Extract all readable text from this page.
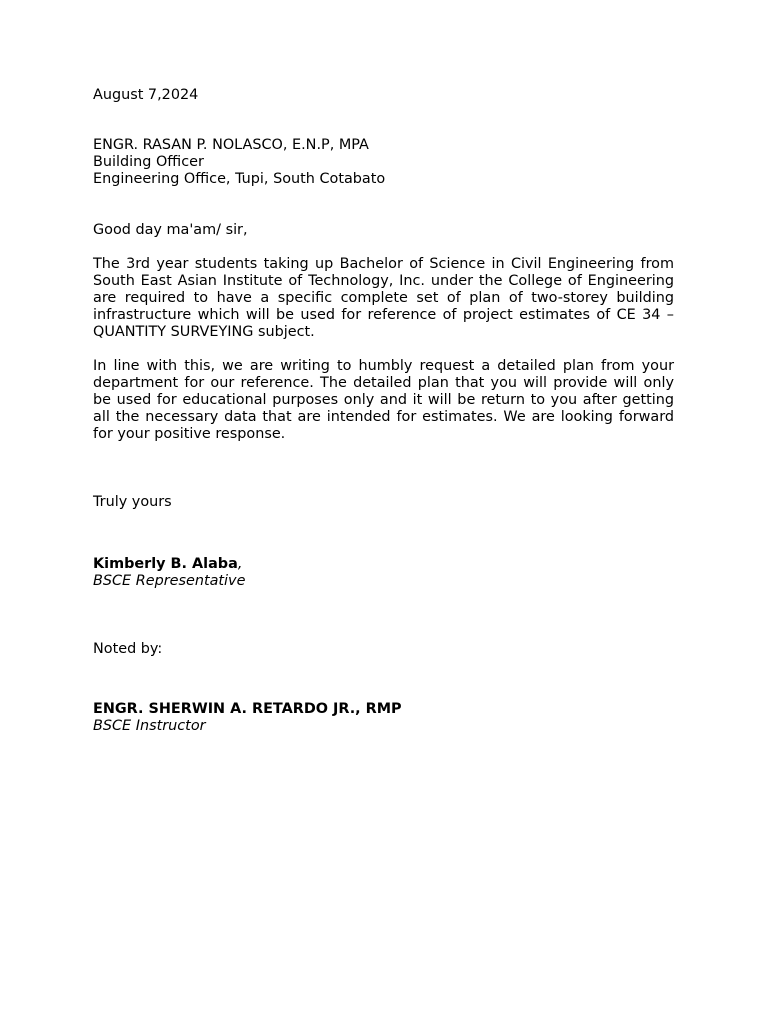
August 7,2024
ENGR. RASAN P. NOLASCO, E.N.P, MPA
Building Officer
Engineering Office, Tupi, South Cotabato
Good day ma'am/ sir,

The 3rd year students taking up Bachelor of Science in Civil Engineering from South East Asian Institute of Technology, Inc. under the College of Engineering are required to have a specific complete set of plan of two-storey building infrastructure which will be used for reference of project estimates of CE 34 – QUANTITY SURVEYING subject.

In line with this, we are writing to humbly request a detailed plan from your department for our reference. The detailed plan that you will provide will only be used for educational purposes only and it will be return to you after getting all the necessary data that are intended for estimates. We are looking forward for your positive response.

Truly yours
Kimberly B. Alaba,
BSCE Representative
Noted by:
ENGR. SHERWIN A. RETARDO JR., RMP
BSCE Instructor
